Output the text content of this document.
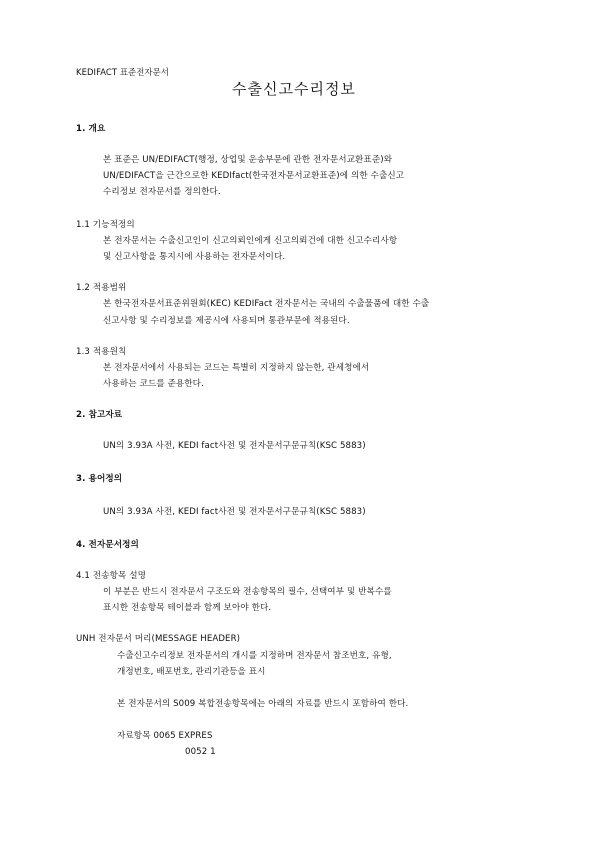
KEDIFACT 표준전자문서
수출신고수리정보
1. 개요
본 표준은 UN/EDIFACT(행정, 상업및 운송부문에 관한 전자문서교환표준)와
UN/EDIFACT을 근간으로한 KEDIfact(한국전자문서교환표준)에 의한 수출신고
수리정보 전자문서를 정의한다.
1.1 기능적정의
본 전자문서는 수출신고인이 신고의뢰인에게 신고의뢰건에 대한 신고수리사항
및 신고사항을 통지시에 사용하는 전자문서이다.
1.2 적용범위
본 한국전자문서표준위원회(KEC) KEDIFact 전자문서는 국내의 수출물품에 대한 수출
신고사항 및 수리정보를 제공시에 사용되며 통관부문에 적용된다.
1.3 적용원칙
본 전자문서에서 사용되는 코드는 특별히 지정하지 않는한, 관세청에서
사용하는 코드를 준용한다.
2. 참고자료
UN의 3.93A 사전, KEDI fact사전 및 전자문서구문규칙(KSC 5883)
3. 용어정의
UN의 3.93A 사전, KEDI fact사전 및 전자문서구문규칙(KSC 5883)
4. 전자문서정의
4.1 전송항목 설명
이 부분은 반드시 전자문서 구조도와 전송항목의 필수, 선택여부 및 반복수를
표시한 전송항목 테이블과 함께 보아야 한다.
UNH 전자문서 머리(MESSAGE HEADER)
수출신고수리정보 전자문서의 개시를 지정하며 전자문서 참조번호, 유형,
개정번호, 배포번호, 관리기관등을 표시
본 전자문서의 S009 복합전송항목에는 아래의 자료를 반드시 포함하여 한다.
자료항목 0065 EXPRES
0052 1
